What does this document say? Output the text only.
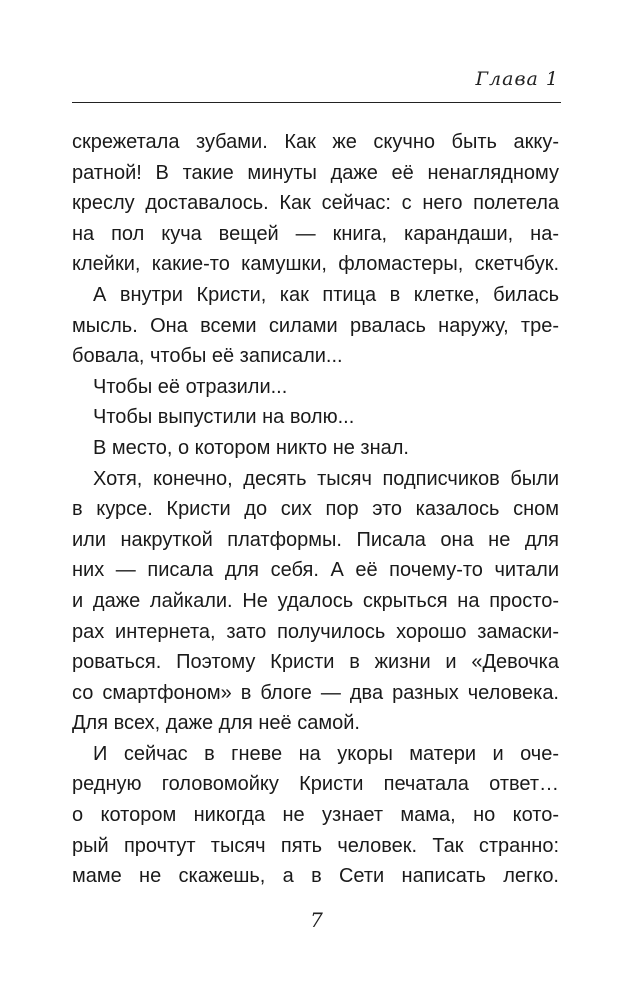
Глава 1
скрежетала зубами. Как же скучно быть акку-
ратной! В такие минуты даже её ненаглядному
креслу доставалось. Как сейчас: с него полетела
на пол куча вещей — книга, карандаши, на-
клейки, какие-то камушки, фломастеры, скетчбук.
А внутри Кристи, как птица в клетке, билась
мысль. Она всеми силами рвалась наружу, тре-
бовала, чтобы её записали...
Чтобы её отразили...
Чтобы выпустили на волю...
В место, о котором никто не знал.
Хотя, конечно, десять тысяч подписчиков были
в курсе. Кристи до сих пор это казалось сном
или накруткой платформы. Писала она не для
них — писала для себя. А её почему-то читали
и даже лайкали. Не удалось скрыться на просто-
рах интернета, зато получилось хорошо замаски-
роваться. Поэтому Кристи в жизни и «Девочка
со смартфоном» в блоге — два разных человека.
Для всех, даже для неё самой.
И сейчас в гневе на укоры матери и оче-
редную головомойку Кристи печатала ответ…
о котором никогда не узнает мама, но кото-
рый прочтут тысяч пять человек. Так странно:
маме не скажешь, а в Сети написать легко.
7
